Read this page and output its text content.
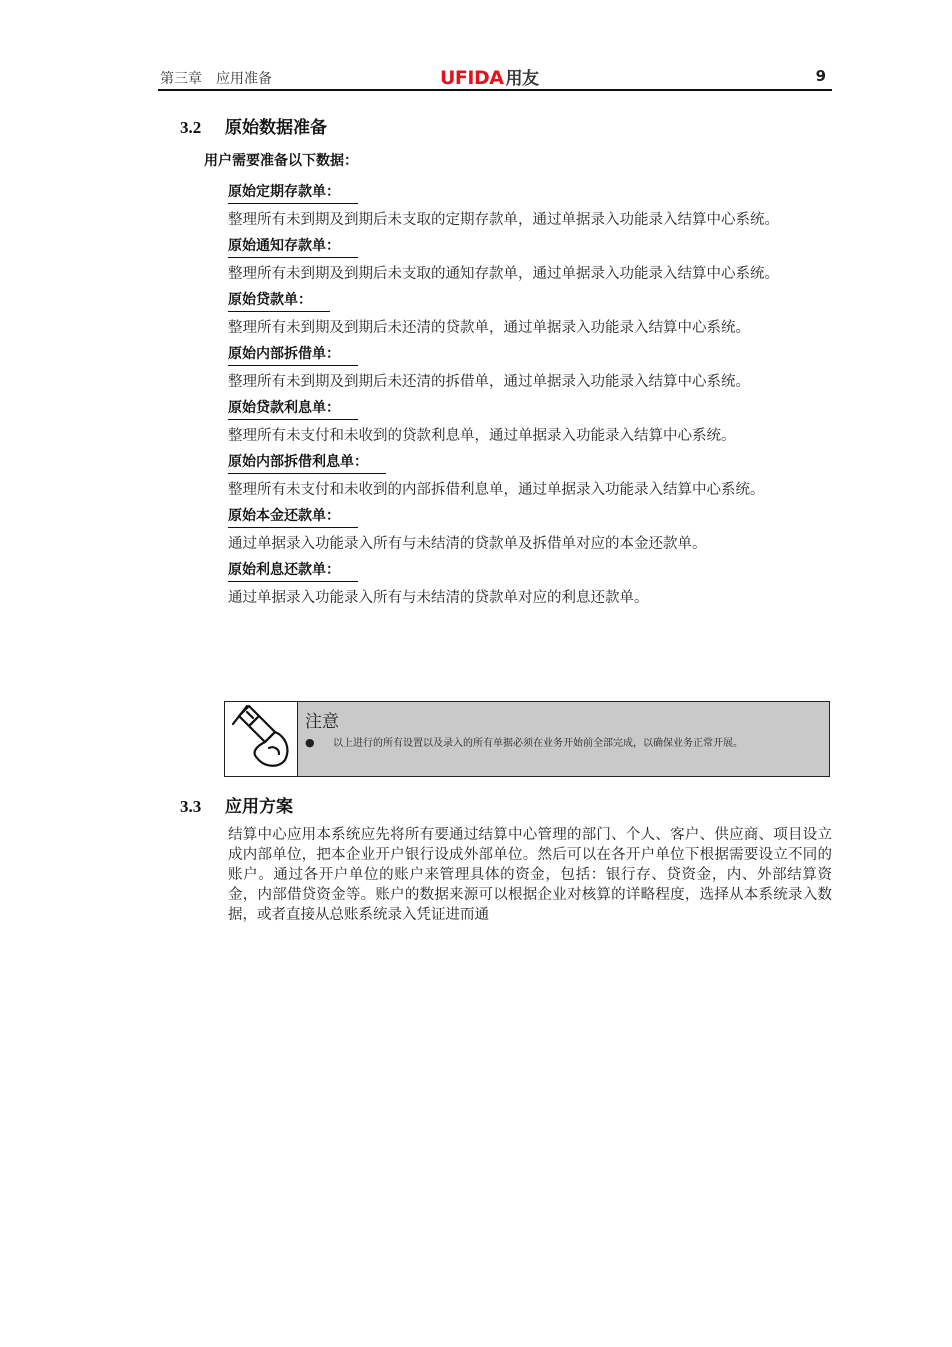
第三章　应用准备	UFIDA 用友	9
3.2 原始数据准备
用户需要准备以下数据：
原始定期存款单：
整理所有未到期及到期后未支取的定期存款单，通过单据录入功能录入结算中心系统。
原始通知存款单：
整理所有未到期及到期后未支取的通知存款单，通过单据录入功能录入结算中心系统。
原始贷款单：
整理所有未到期及到期后未还清的贷款单，通过单据录入功能录入结算中心系统。
原始内部拆借单：
整理所有未到期及到期后未还清的拆借单，通过单据录入功能录入结算中心系统。
原始贷款利息单：
整理所有未支付和未收到的贷款利息单，通过单据录入功能录入结算中心系统。
原始内部拆借利息单：
整理所有未支付和未收到的内部拆借利息单，通过单据录入功能录入结算中心系统。
原始本金还款单：
通过单据录入功能录入所有与未结清的贷款单及拆借单对应的本金还款单。
原始利息还款单：
通过单据录入功能录入所有与未结清的贷款单对应的利息还款单。
注意
● 以上进行的所有设置以及录入的所有单据必须在业务开始前全部完成，以确保业务正常开展。
3.3 应用方案
结算中心应用本系统应先将所有要通过结算中心管理的部门、个人、客户、供应商、项目设立成内部单位，把本企业开户银行设成外部单位。然后可以在各开户单位下根据需要设立不同的账户。通过各开户单位的账户来管理具体的资金，包括：银行存、贷资金，内、外部结算资金，内部借贷资金等。账户的数据来源可以根据企业对核算的详略程度，选择从本系统录入数据，或者直接从总账系统录入凭证进而通
